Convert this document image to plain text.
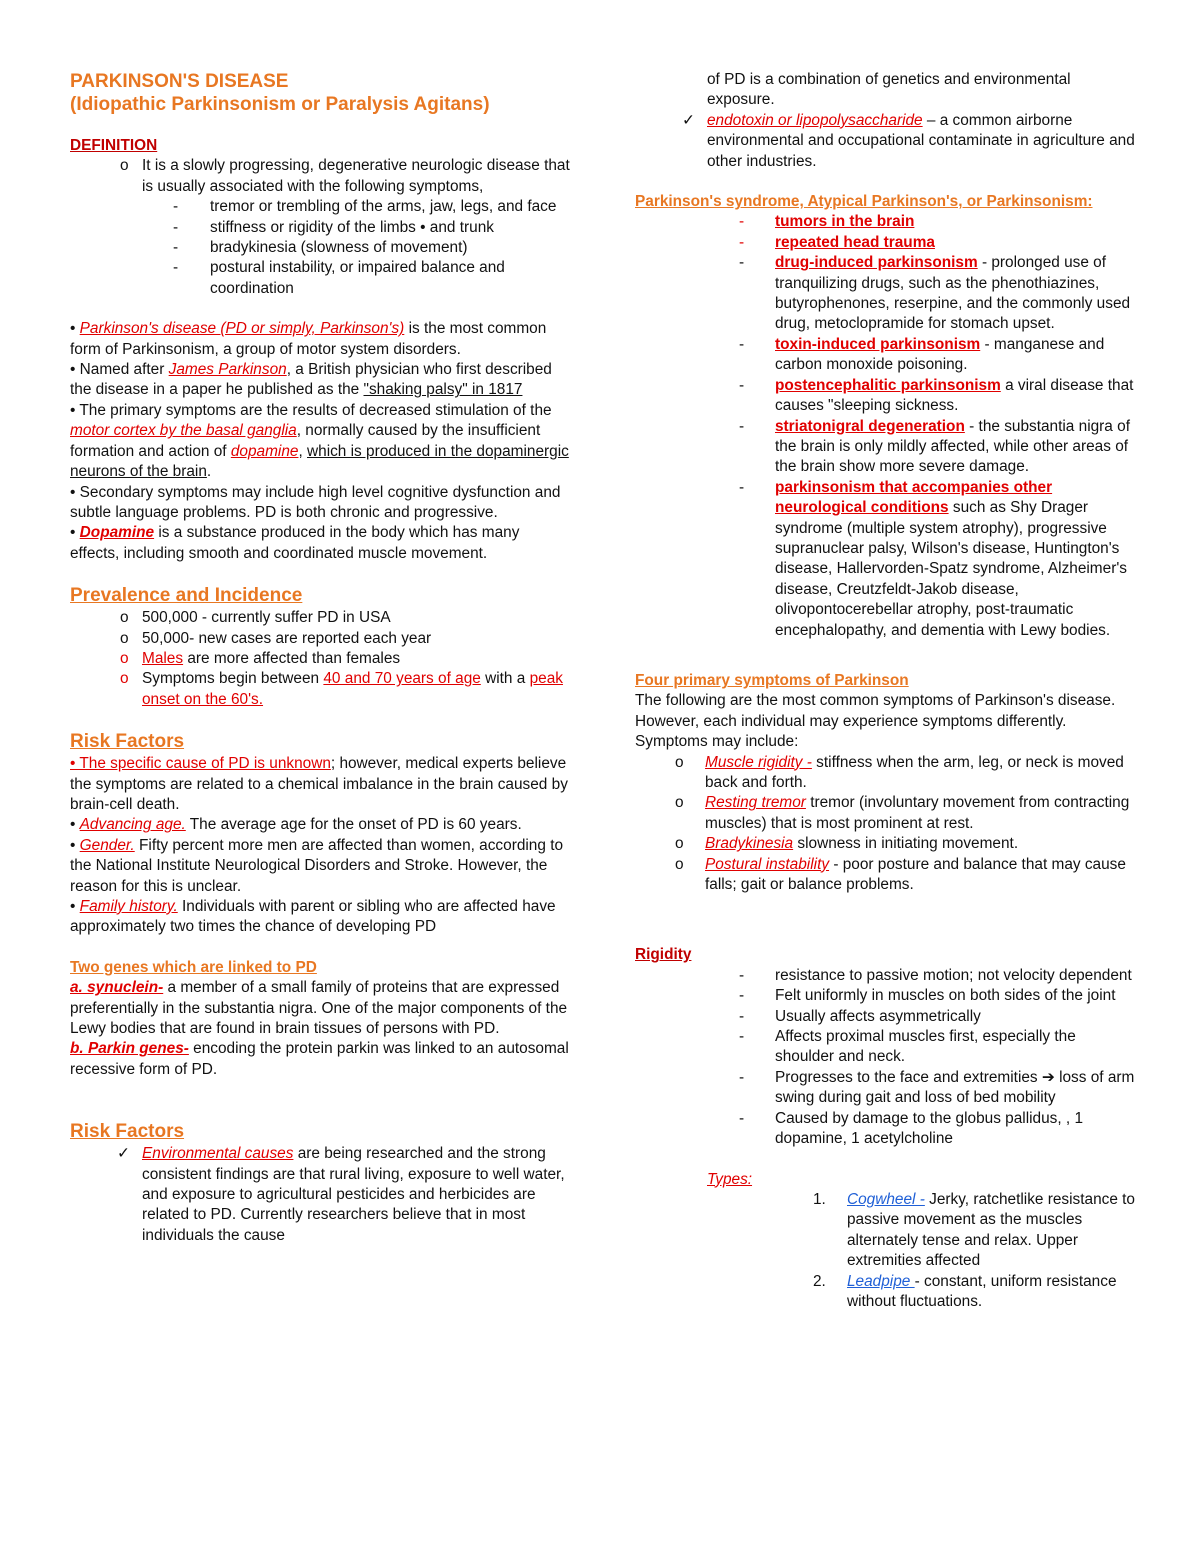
PARKINSON'S DISEASE
(Idiopathic Parkinsonism or Paralysis Agitans)
DEFINITION
o It is a slowly progressing, degenerative neurologic disease that is usually associated with the following symptoms,
-	tremor or trembling of the arms, jaw, legs, and face
-	stiffness or rigidity of the limbs • and trunk
-	bradykinesia (slowness of movement)
-	postural instability, or impaired balance and coordination
• Parkinson's disease (PD or simply, Parkinson's) is the most common form of Parkinsonism, a group of motor system disorders.
• Named after James Parkinson, a British physician who first described the disease in a paper he published as the "shaking palsy" in 1817
• The primary symptoms are the results of decreased stimulation of the motor cortex by the basal ganglia, normally caused by the insufficient formation and action of dopamine, which is produced in the dopaminergic neurons of the brain.
• Secondary symptoms may include high level cognitive dysfunction and subtle language problems. PD is both chronic and progressive.
• Dopamine is a substance produced in the body which has many effects, including smooth and coordinated muscle movement.
Prevalence and Incidence
o 500,000 - currently suffer PD in USA
o 50,000- new cases are reported each year
o Males are more affected than females
o Symptoms begin between 40 and 70 years of age with a peak onset on the 60's.
Risk Factors
• The specific cause of PD is unknown; however, medical experts believe the symptoms are related to a chemical imbalance in the brain caused by brain-cell death.
• Advancing age. The average age for the onset of PD is 60 years.
• Gender. Fifty percent more men are affected than women, according to the National Institute Neurological Disorders and Stroke. However, the reason for this is unclear.
• Family history. Individuals with parent or sibling who are affected have approximately two times the chance of developing PD
Two genes which are linked to PD
a. synuclein- a member of a small family of proteins that are expressed preferentially in the substantia nigra. One of the major components of the Lewy bodies that are found in brain tissues of persons with PD.
b. Parkin genes- encoding the protein parkin was linked to an autosomal recessive form of PD.
Risk Factors
✓ Environmental causes are being researched and the strong consistent findings are that rural living, exposure to well water, and exposure to agricultural pesticides and herbicides are related to PD. Currently researchers believe that in most individuals the cause
of PD is a combination of genetics and environmental exposure.
✓ endotoxin or lipopolysaccharide – a common airborne environmental and occupational contaminate in agriculture and other industries.
Parkinson's syndrome, Atypical Parkinson's, or Parkinsonism:
-	tumors in the brain
-	repeated head trauma
-	drug-induced parkinsonism - prolonged use of tranquilizing drugs, such as the phenothiazines, butyrophenones, reserpine, and the commonly used drug, metoclopramide for stomach upset.
-	toxin-induced parkinsonism - manganese and carbon monoxide poisoning.
-	postencephalitic parkinsonism a viral disease that causes "sleeping sickness.
-	striatonigral degeneration - the substantia nigra of the brain is only mildly affected, while other areas of the brain show more severe damage.
-	parkinsonism that accompanies other neurological conditions such as Shy Drager syndrome (multiple system atrophy), progressive supranuclear palsy, Wilson's disease, Huntington's disease, Hallervorden-Spatz syndrome, Alzheimer's disease, Creutzfeldt-Jakob disease, olivopontocerebellar atrophy, post-traumatic encephalopathy, and dementia with Lewy bodies.
Four primary symptoms of Parkinson
The following are the most common symptoms of Parkinson's disease. However, each individual may experience symptoms differently. Symptoms may include:
o	Muscle rigidity - stiffness when the arm, leg, or neck is moved back and forth.
o	Resting tremor tremor (involuntary movement from contracting muscles) that is most prominent at rest.
o	Bradykinesia slowness in initiating movement.
o	Postural instability - poor posture and balance that may cause falls; gait or balance problems.
Rigidity
-	resistance to passive motion; not velocity dependent
-	Felt uniformly in muscles on both sides of the joint
-	Usually affects asymmetrically
-	Affects proximal muscles first, especially the shoulder and neck.
-	Progresses to the face and extremities ➔ loss of arm swing during gait and loss of bed mobility
-	Caused by damage to the globus pallidus, , 1 dopamine, 1 acetylcholine
Types:
1.	Cogwheel - Jerky, ratchetlike resistance to passive movement as the muscles alternately tense and relax. Upper extremities affected
2.	Leadpipe - constant, uniform resistance without fluctuations.
